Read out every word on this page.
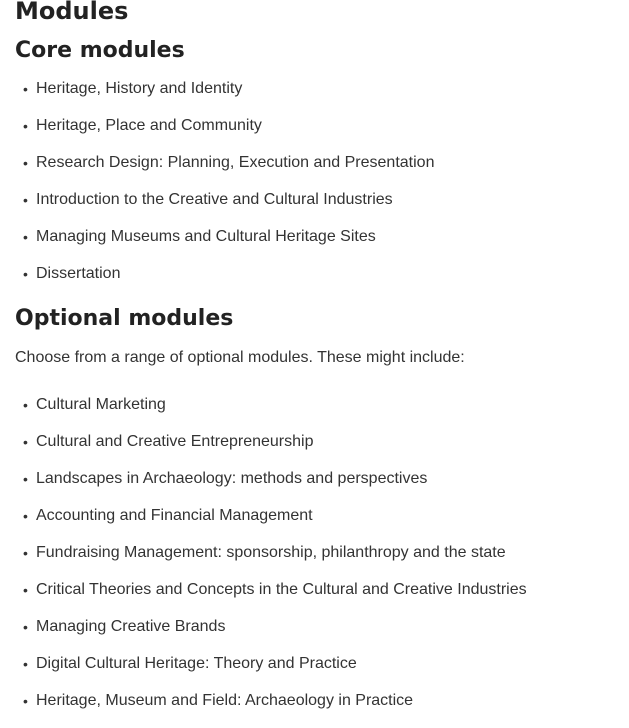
Modules
Core modules
• Heritage, History and Identity
• Heritage, Place and Community
• Research Design: Planning, Execution and Presentation
• Introduction to the Creative and Cultural Industries
• Managing Museums and Cultural Heritage Sites
• Dissertation
Optional modules

Choose from a range of optional modules. These might include:

• Cultural Marketing
• Cultural and Creative Entrepreneurship
• Landscapes in Archaeology: methods and perspectives
• Accounting and Financial Management
• Fundraising Management: sponsorship, philanthropy and the state
• Critical Theories and Concepts in the Cultural and Creative Industries
• Managing Creative Brands
• Digital Cultural Heritage: Theory and Practice
• Heritage, Museum and Field: Archaeology in Practice
